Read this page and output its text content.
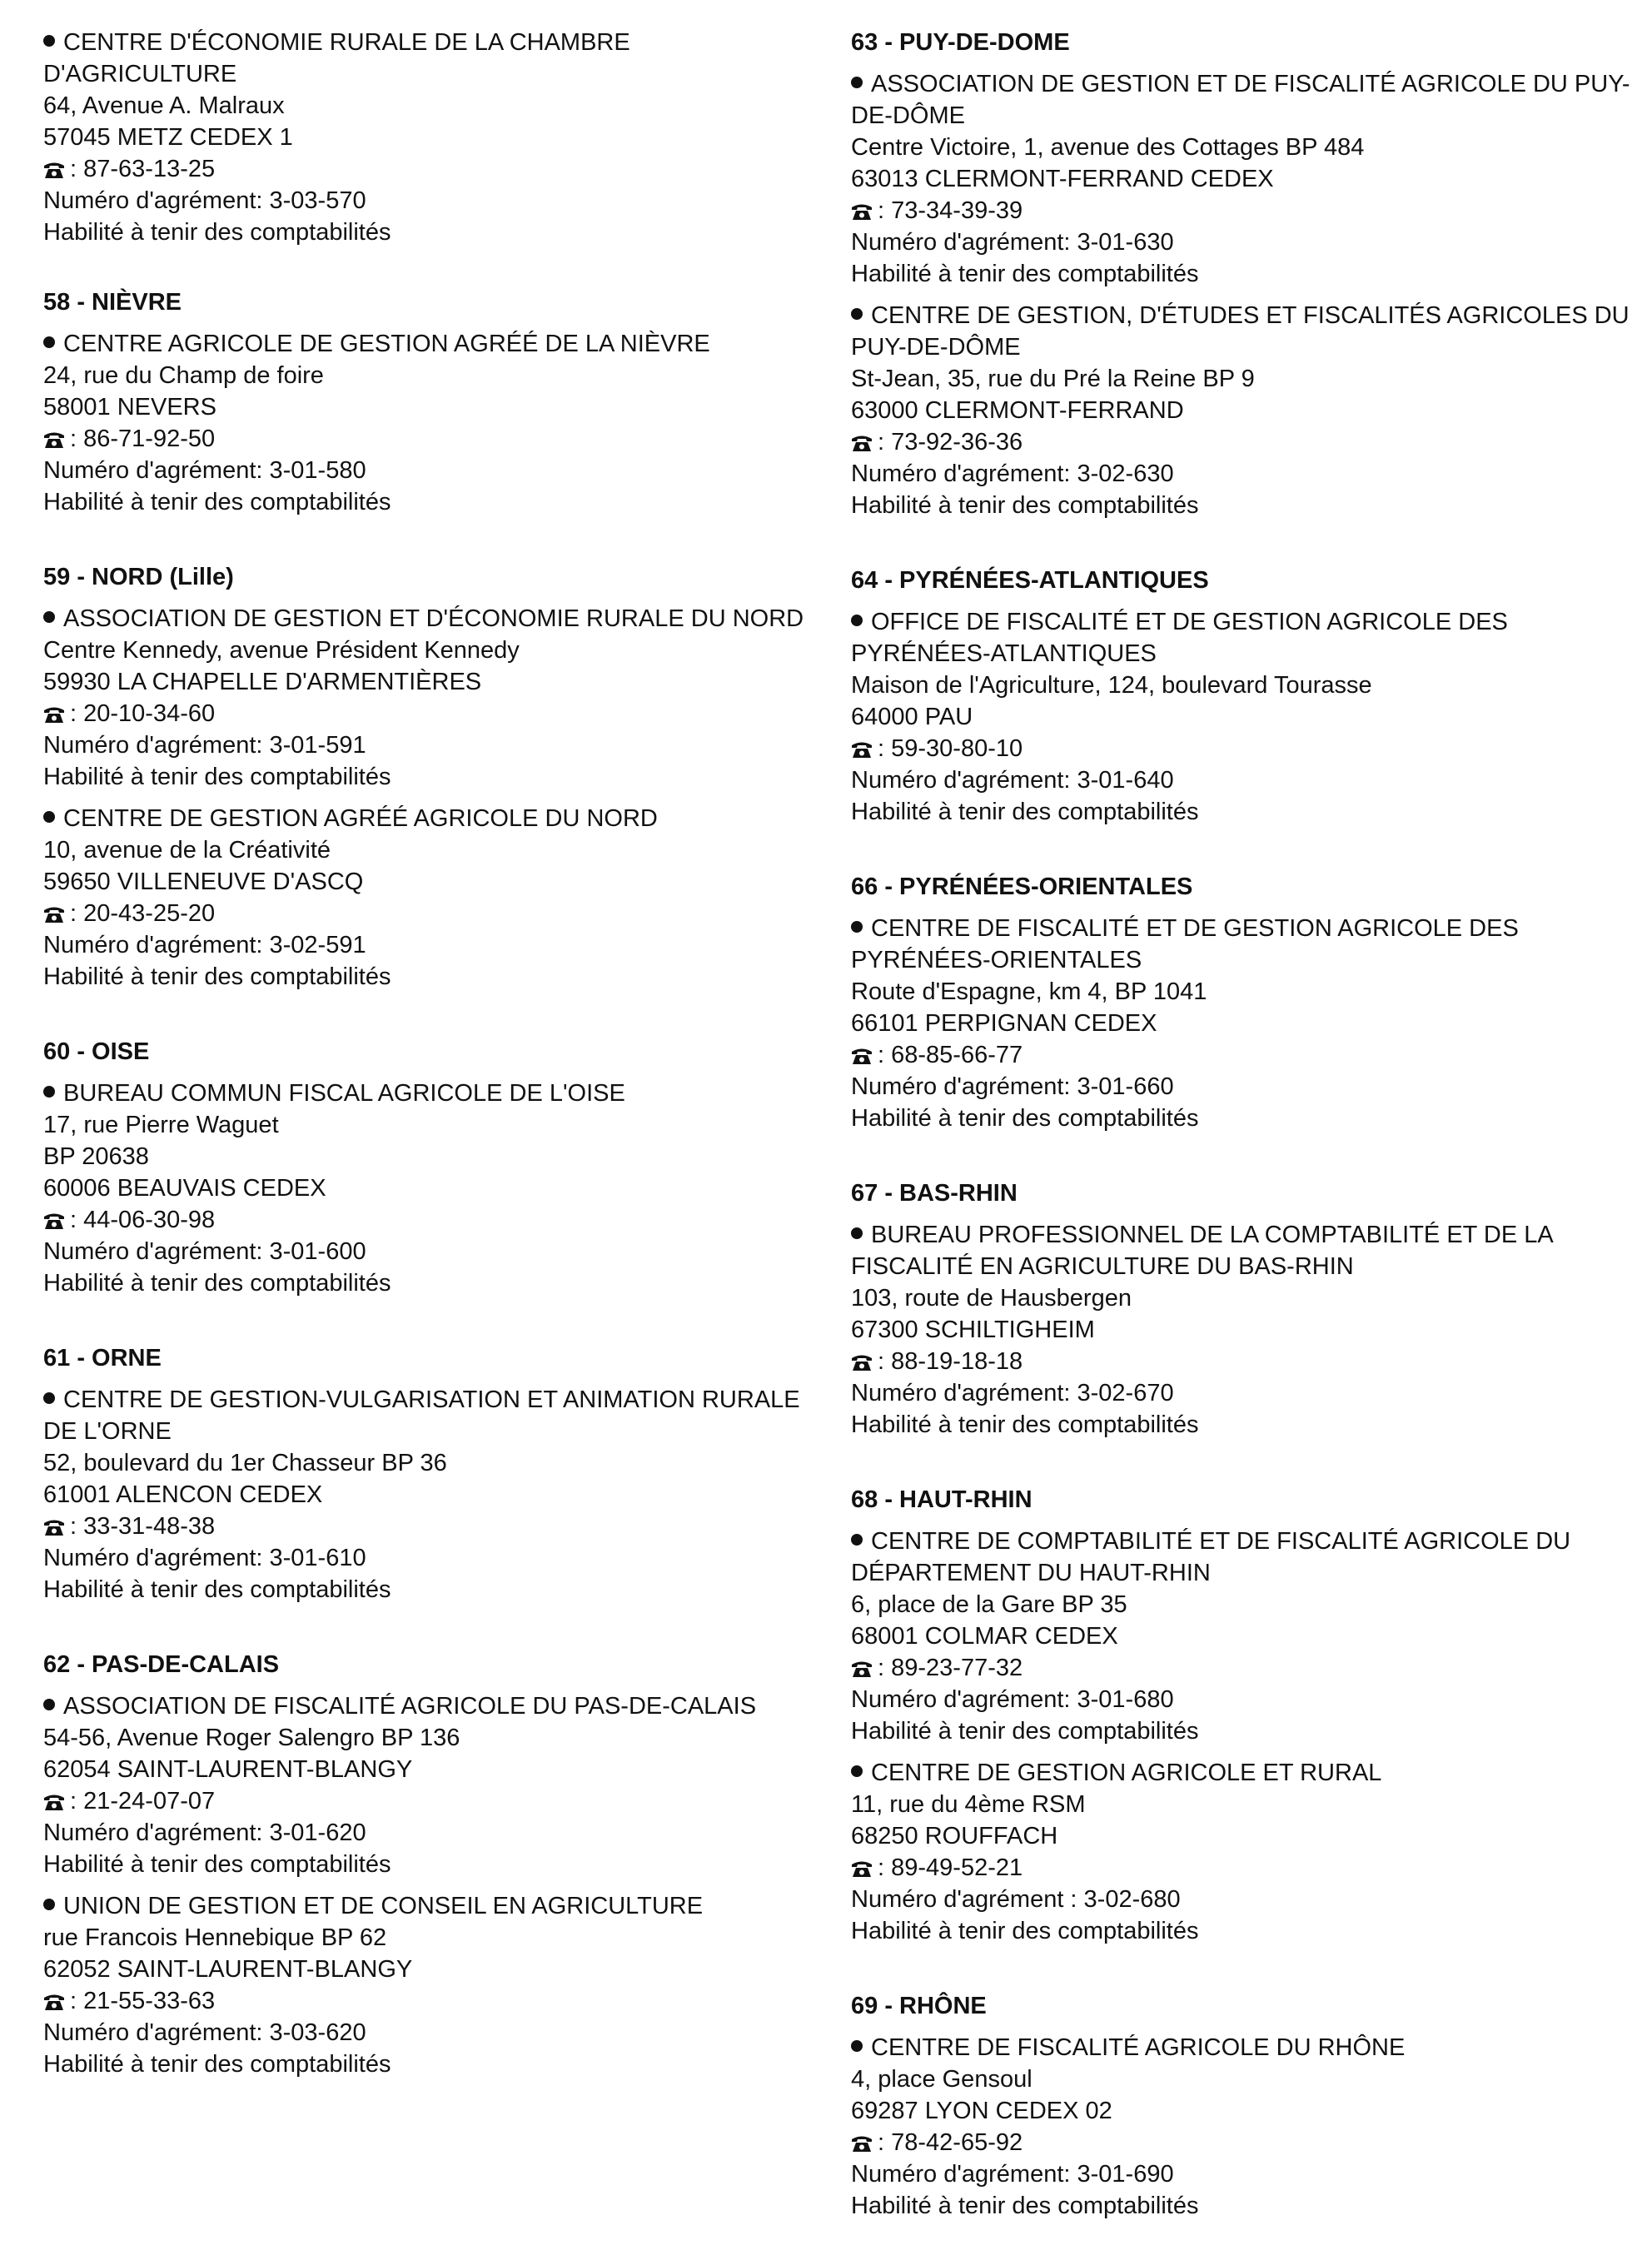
CENTRE D'ÉCONOMIE RURALE DE LA CHAMBRE D'AGRICULTURE
64, Avenue A. Malraux
57045 METZ CEDEX 1
: 87-63-13-25
Numéro d'agrément: 3-03-570
Habilité à tenir des comptabilités
58 - NIÈVRE
CENTRE AGRICOLE DE GESTION AGRÉÉ DE LA NIÈVRE
24, rue du Champ de foire
58001 NEVERS
: 86-71-92-50
Numéro d'agrément: 3-01-580
Habilité à tenir des comptabilités
59 - NORD (Lille)
ASSOCIATION DE GESTION ET D'ÉCONOMIE RURALE DU NORD
Centre Kennedy, avenue Président Kennedy
59930 LA CHAPELLE D'ARMENTIÈRES
: 20-10-34-60
Numéro d'agrément: 3-01-591
Habilité à tenir des comptabilités
CENTRE DE GESTION AGRÉÉ AGRICOLE DU NORD
10, avenue de la Créativité
59650 VILLENEUVE D'ASCQ
: 20-43-25-20
Numéro d'agrément: 3-02-591
Habilité à tenir des comptabilités
60 - OISE
BUREAU COMMUN FISCAL AGRICOLE DE L'OISE
17, rue Pierre Waguet
BP 20638
60006 BEAUVAIS CEDEX
: 44-06-30-98
Numéro d'agrément: 3-01-600
Habilité à tenir des comptabilités
61 - ORNE
CENTRE DE GESTION-VULGARISATION ET ANIMATION RURALE DE L'ORNE
52, boulevard du 1er Chasseur BP 36
61001 ALENCON CEDEX
: 33-31-48-38
Numéro d'agrément: 3-01-610
Habilité à tenir des comptabilités
62 - PAS-DE-CALAIS
ASSOCIATION DE FISCALITÉ AGRICOLE DU PAS-DE-CALAIS
54-56, Avenue Roger Salengro BP 136
62054 SAINT-LAURENT-BLANGY
: 21-24-07-07
Numéro d'agrément: 3-01-620
Habilité à tenir des comptabilités
UNION DE GESTION ET DE CONSEIL EN AGRICULTURE
rue Francois Hennebique BP 62
62052 SAINT-LAURENT-BLANGY
: 21-55-33-63
Numéro d'agrément: 3-03-620
Habilité à tenir des comptabilités
63 - PUY-DE-DOME
ASSOCIATION DE GESTION ET DE FISCALITÉ AGRICOLE DU PUY-DE-DÔME
Centre Victoire, 1, avenue des Cottages BP 484
63013 CLERMONT-FERRAND CEDEX
: 73-34-39-39
Numéro d'agrément: 3-01-630
Habilité à tenir des comptabilités
CENTRE DE GESTION, D'ÉTUDES ET FISCALITÉS AGRICOLES DU PUY-DE-DÔME
St-Jean, 35, rue du Pré la Reine BP 9
63000 CLERMONT-FERRAND
: 73-92-36-36
Numéro d'agrément: 3-02-630
Habilité à tenir des comptabilités
64 - PYRÉNÉES-ATLANTIQUES
OFFICE DE FISCALITÉ ET DE GESTION AGRICOLE DES PYRÉNÉES-ATLANTIQUES
Maison de l'Agriculture, 124, boulevard Tourasse
64000 PAU
: 59-30-80-10
Numéro d'agrément: 3-01-640
Habilité à tenir des comptabilités
66 - PYRÉNÉES-ORIENTALES
CENTRE DE FISCALITÉ ET DE GESTION AGRICOLE DES PYRÉNÉES-ORIENTALES
Route d'Espagne, km 4, BP 1041
66101 PERPIGNAN CEDEX
: 68-85-66-77
Numéro d'agrément: 3-01-660
Habilité à tenir des comptabilités
67 - BAS-RHIN
BUREAU PROFESSIONNEL DE LA COMPTABILITÉ ET DE LA FISCALITÉ EN AGRICULTURE DU BAS-RHIN
103, route de Hausbergen
67300 SCHILTIGHEIM
: 88-19-18-18
Numéro d'agrément: 3-02-670
Habilité à tenir des comptabilités
68 - HAUT-RHIN
CENTRE DE COMPTABILITÉ ET DE FISCALITÉ AGRICOLE DU DÉPARTEMENT DU HAUT-RHIN
6, place de la Gare BP 35
68001 COLMAR CEDEX
: 89-23-77-32
Numéro d'agrément: 3-01-680
Habilité à tenir des comptabilités
CENTRE DE GESTION AGRICOLE ET RURAL
11, rue du 4ème RSM
68250 ROUFFACH
: 89-49-52-21
Numéro d'agrément : 3-02-680
Habilité à tenir des comptabilités
69 - RHÔNE
CENTRE DE FISCALITÉ AGRICOLE DU RHÔNE
4, place Gensoul
69287 LYON CEDEX 02
: 78-42-65-92
Numéro d'agrément: 3-01-690
Habilité à tenir des comptabilités
